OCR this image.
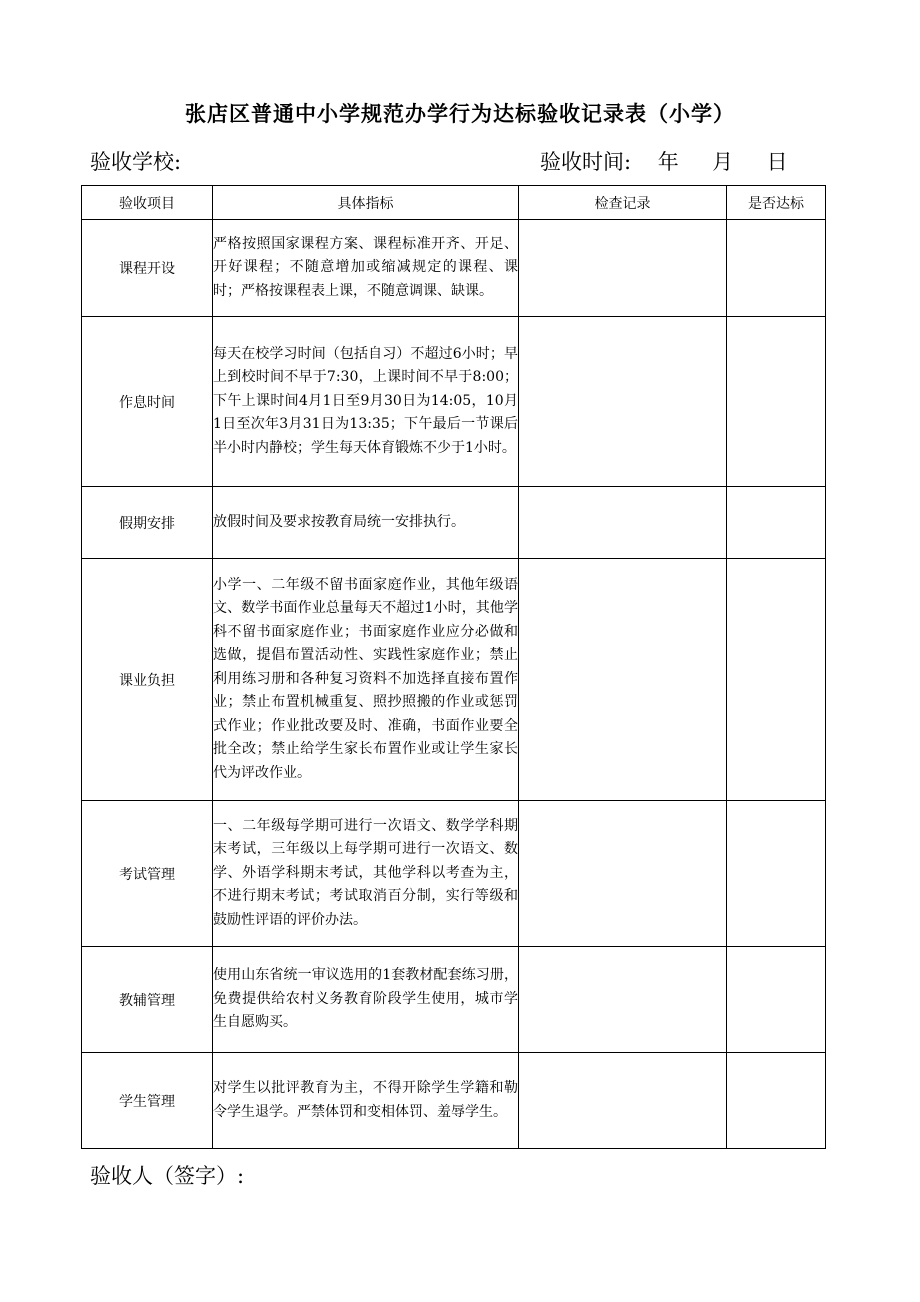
张店区普通中小学规范办学行为达标验收记录表（小学）
验收学校:	验收时间: 年 月 日
验收项目	具体指标	检查记录	是否达标
课程开设	严格按照国家课程方案、课程标准开齐、开足、开好课程；不随意增加或缩减规定的课程、课时；严格按课程表上课，不随意调课、缺课。		
作息时间	每天在校学习时间（包括自习）不超过6小时；早上到校时间不早于7:30，上课时间不早于8:00；下午上课时间4月1日至9月30日为14:05，10月1日至次年3月31日为13:35；下午最后一节课后半小时内静校；学生每天体育锻炼不少于1小时。		
假期安排	放假时间及要求按教育局统一安排执行。		
课业负担	小学一、二年级不留书面家庭作业，其他年级语文、数学书面作业总量每天不超过1小时，其他学科不留书面家庭作业；书面家庭作业应分必做和选做，提倡布置活动性、实践性家庭作业；禁止利用练习册和各种复习资料不加选择直接布置作业；禁止布置机械重复、照抄照搬的作业或惩罚式作业；作业批改要及时、准确，书面作业要全批全改；禁止给学生家长布置作业或让学生家长代为评改作业。		
考试管理	一、二年级每学期可进行一次语文、数学学科期末考试，三年级以上每学期可进行一次语文、数学、外语学科期末考试，其他学科以考查为主，不进行期末考试；考试取消百分制，实行等级和鼓励性评语的评价办法。		
教辅管理	使用山东省统一审议选用的1套教材配套练习册，免费提供给农村义务教育阶段学生使用，城市学生自愿购买。		
学生管理	对学生以批评教育为主，不得开除学生学籍和勒令学生退学。严禁体罚和变相体罚、羞辱学生。		
验收人（签字）:
